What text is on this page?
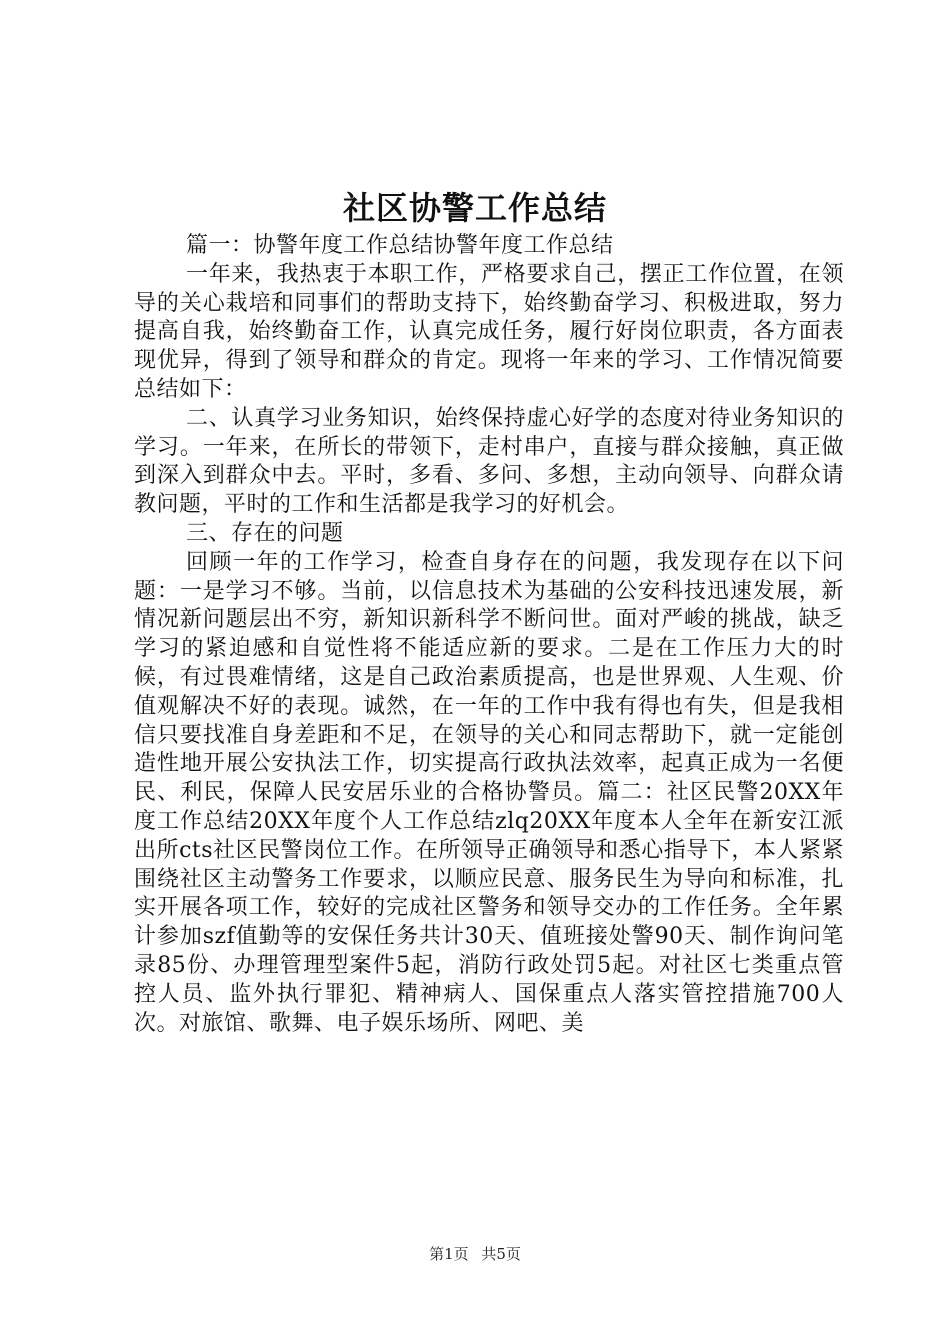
社区协警工作总结

篇一：协警年度工作总结协警年度工作总结

一年来，我热衷于本职工作，严格要求自己，摆正工作位置，在领导的关心栽培和同事们的帮助支持下，始终勤奋学习、积极进取，努力提高自我，始终勤奋工作，认真完成任务，履行好岗位职责，各方面表现优异，得到了领导和群众的肯定。现将一年来的学习、工作情况简要总结如下：

二、认真学习业务知识，始终保持虚心好学的态度对待业务知识的学习。一年来，在所长的带领下，走村串户，直接与群众接触，真正做到深入到群众中去。平时，多看、多问、多想，主动向领导、向群众请教问题，平时的工作和生活都是我学习的好机会。

三、存在的问题

回顾一年的工作学习，检查自身存在的问题，我发现存在以下问题：一是学习不够。当前，以信息技术为基础的公安科技迅速发展，新情况新问题层出不穷，新知识新科学不断问世。面对严峻的挑战，缺乏学习的紧迫感和自觉性将不能适应新的要求。二是在工作压力大的时候，有过畏难情绪，这是自己政治素质提高，也是世界观、人生观、价值观解决不好的表现。诚然，在一年的工作中我有得也有失，但是我相信只要找准自身差距和不足，在领导的关心和同志帮助下，就一定能创造性地开展公安执法工作，切实提高行政执法效率，起真正成为一名便民、利民，保障人民安居乐业的合格协警员。篇二：社区民警20XX年度工作总结20XX年度个人工作总结zlq20XX年度本人全年在新安江派出所cts社区民警岗位工作。在所领导正确领导和悉心指导下，本人紧紧围绕社区主动警务工作要求，以顺应民意、服务民生为导向和标准，扎实开展各项工作，较好的完成社区警务和领导交办的工作任务。全年累计参加szf值勤等的安保任务共计30天、值班接处警90天、制作询问笔录85份、办理管理型案件5起，消防行政处罚5起。对社区七类重点管控人员、监外执行罪犯、精神病人、国保重点人落实管控措施700人次。对旅馆、歌舞、电子娱乐场所、网吧、美

第1页 共5页
